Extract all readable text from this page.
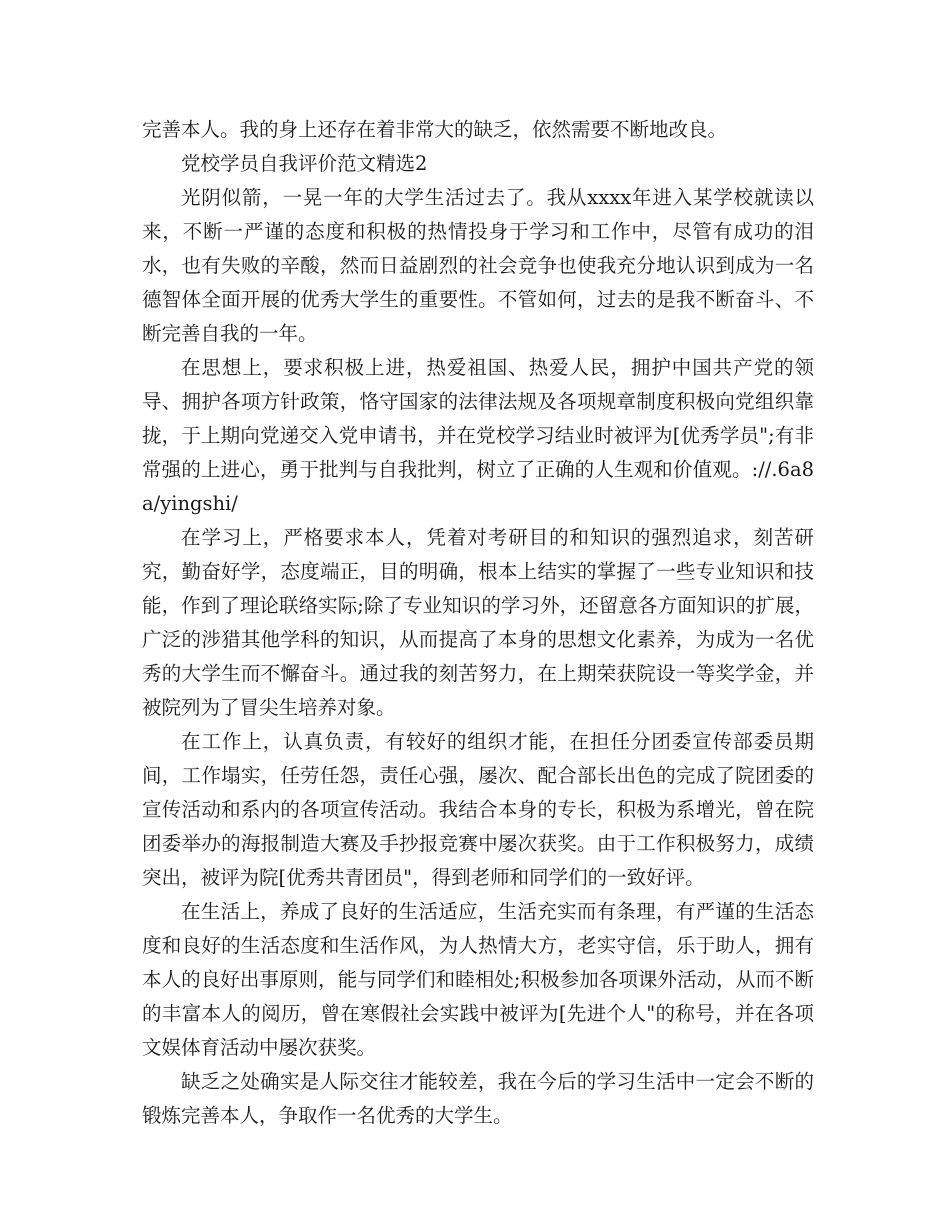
完善本人。我的身上还存在着非常大的缺乏，依然需要不断地改良。

党校学员自我评价范文精选2

光阴似箭，一晃一年的大学生活过去了。我从xxxx年进入某学校就读以来，不断一严谨的态度和积极的热情投身于学习和工作中，尽管有成功的泪水，也有失败的辛酸，然而日益剧烈的社会竞争也使我充分地认识到成为一名德智体全面开展的优秀大学生的重要性。不管如何，过去的是我不断奋斗、不断完善自我的一年。

在思想上，要求积极上进，热爱祖国、热爱人民，拥护中国共产党的领导、拥护各项方针政策，恪守国家的法律法规及各项规章制度积极向党组织靠拢，于上期向党递交入党申请书，并在党校学习结业时被评为[优秀学员";有非常强的上进心，勇于批判与自我批判，树立了正确的人生观和价值观。://.6a8a/yingshi/

在学习上，严格要求本人，凭着对考研目的和知识的强烈追求，刻苦研究，勤奋好学，态度端正，目的明确，根本上结实的掌握了一些专业知识和技能，作到了理论联络实际;除了专业知识的学习外，还留意各方面知识的扩展，广泛的涉猎其他学科的知识，从而提高了本身的思想文化素养，为成为一名优秀的大学生而不懈奋斗。通过我的刻苦努力，在上期荣获院设一等奖学金，并被院列为了冒尖生培养对象。

在工作上，认真负责，有较好的组织才能，在担任分团委宣传部委员期间，工作塌实，任劳任怨，责任心强，屡次、配合部长出色的完成了院团委的宣传活动和系内的各项宣传活动。我结合本身的专长，积极为系增光，曾在院团委举办的海报制造大赛及手抄报竞赛中屡次获奖。由于工作积极努力，成绩突出，被评为院[优秀共青团员"，得到老师和同学们的一致好评。

在生活上，养成了良好的生活适应，生活充实而有条理，有严谨的生活态度和良好的生活态度和生活作风，为人热情大方，老实守信，乐于助人，拥有本人的良好出事原则，能与同学们和睦相处;积极参加各项课外活动，从而不断的丰富本人的阅历，曾在寒假社会实践中被评为[先进个人"的称号，并在各项文娱体育活动中屡次获奖。

缺乏之处确实是人际交往才能较差，我在今后的学习生活中一定会不断的锻炼完善本人，争取作一名优秀的大学生。
